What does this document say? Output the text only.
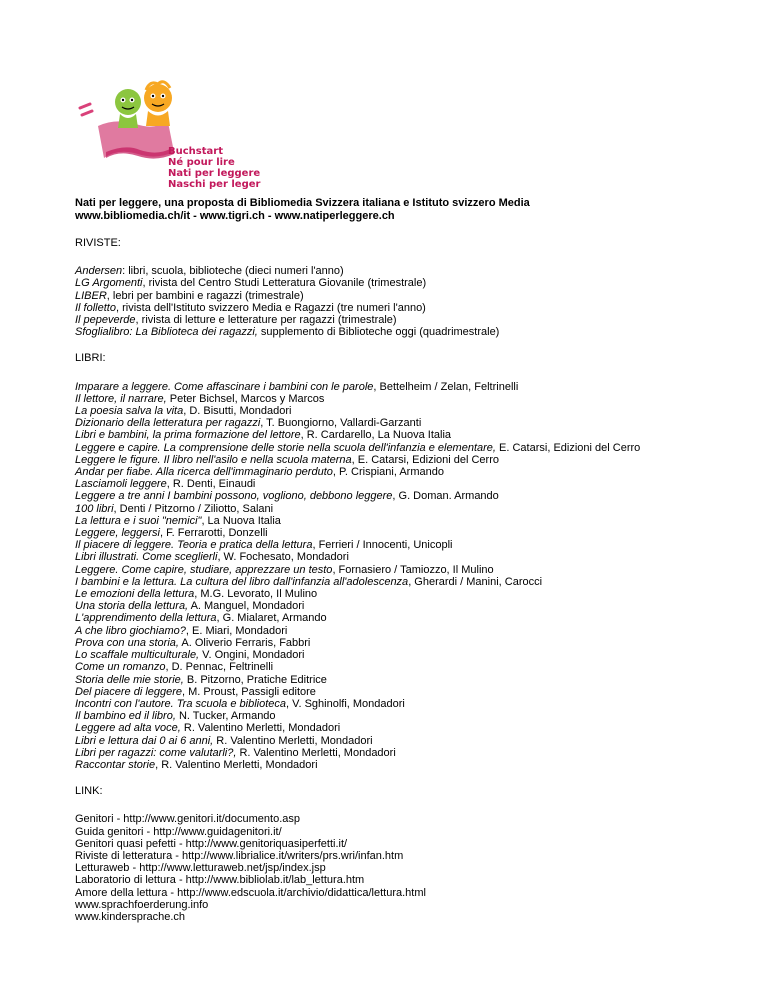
Buchstart
Né pour lire
Nati per leggere
Naschi per leger
Nati per leggere, una proposta di Bibliomedia Svizzera italiana e Istituto svizzero Media
www.bibliomedia.ch/it - www.tigri.ch - www.natiperleggere.ch
RIVISTE:
Andersen: libri, scuola, biblioteche (dieci numeri l'anno)
LG Argomenti, rivista del Centro Studi Letteratura Giovanile (trimestrale)
LIBER, lebri per bambini e ragazzi (trimestrale)
Il folletto, rivista dell'Istituto svizzero Media e Ragazzi (tre numeri l'anno)
Il pepeverde, rivista di letture e letterature per ragazzi (trimestrale)
Sfoglialibro: La Biblioteca dei ragazzi, supplemento di Biblioteche oggi (quadrimestrale)
LIBRI:
Imparare a leggere. Come affascinare i bambini con le parole, Bettelheim / Zelan, Feltrinelli
Il lettore, il narrare, Peter Bichsel, Marcos y Marcos
La poesia salva la vita, D. Bisutti, Mondadori
Dizionario della letteratura per ragazzi, T. Buongiorno, Vallardi-Garzanti
Libri e bambini, la prima formazione del lettore, R. Cardarello, La Nuova Italia
Leggere e capire. La comprensione delle storie nella scuola dell'infanzia e elementare, E. Catarsi, Edizioni del Cerro
Leggere le figure. Il libro nell'asilo e nella scuola materna, E. Catarsi, Edizioni del Cerro
Andar per fiabe. Alla ricerca dell'immaginario perduto, P. Crispiani, Armando
Lasciamoli leggere, R. Denti, Einaudi
Leggere a tre anni I bambini possono, vogliono, debbono leggere, G. Doman. Armando
100 libri, Denti / Pitzorno / Ziliotto, Salani
La lettura e i suoi "nemici", La Nuova Italia
Leggere, leggersi, F. Ferrarotti, Donzelli
Il piacere di leggere. Teoria e pratica della lettura, Ferrieri / Innocenti, Unicopli
Libri illustrati. Come sceglierli, W. Fochesato, Mondadori
Leggere. Come capire, studiare, apprezzare un testo, Fornasiero / Tamiozzo, Il Mulino
I bambini e la lettura. La cultura del libro dall'infanzia all'adolescenza, Gherardi / Manini, Carocci
Le emozioni della lettura, M.G. Levorato, Il Mulino
Una storia della lettura, A. Manguel, Mondadori
L'apprendimento della lettura, G. Mialaret, Armando
A che libro giochiamo?, E. Miari, Mondadori
Prova con una storia, A. Oliverio Ferraris, Fabbri
Lo scaffale multiculturale, V. Ongini, Mondadori
Come un romanzo, D. Pennac, Feltrinelli
Storia delle mie storie, B. Pitzorno, Pratiche Editrice
Del piacere di leggere, M. Proust, Passigli editore
Incontri con l'autore. Tra scuola e biblioteca, V. Sghinolfi, Mondadori
Il bambino ed il libro, N. Tucker, Armando
Leggere ad alta voce, R. Valentino Merletti, Mondadori
Libri e lettura dai 0 ai 6 anni, R. Valentino Merletti, Mondadori
Libri per ragazzi: come valutarli?, R. Valentino Merletti, Mondadori
Raccontar storie, R. Valentino Merletti, Mondadori
LINK:
Genitori - http://www.genitori.it/documento.asp
Guida genitori - http://www.guidagenitori.it/
Genitori quasi pefetti - http://www.genitoriquasiperfetti.it/
Riviste di letteratura - http://www.librialice.it/writers/prs.wri/infan.htm
Letturaweb - http://www.letturaweb.net/jsp/index.jsp
Laboratorio di lettura - http://www.bibliolab.it/lab_lettura.htm
Amore della lettura - http://www.edscuola.it/archivio/didattica/lettura.html
www.sprachfoerderung.info
www.kindersprache.ch
